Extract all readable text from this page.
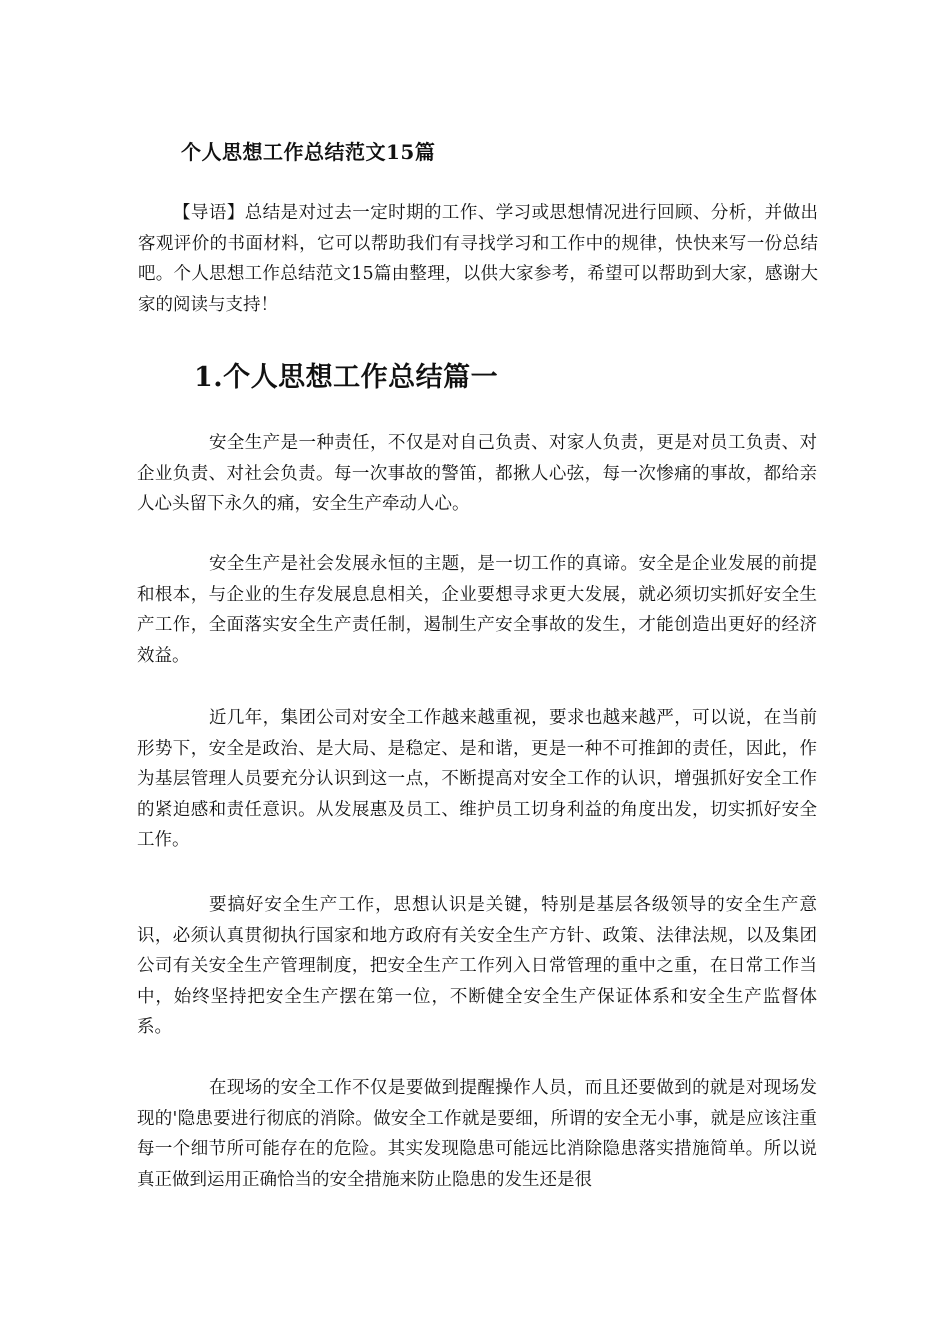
个人思想工作总结范文15篇

【导语】总结是对过去一定时期的工作、学习或思想情况进行回顾、分析，并做出客观评价的书面材料，它可以帮助我们有寻找学习和工作中的规律，快快来写一份总结吧。个人思想工作总结范文15篇由整理，以供大家参考，希望可以帮助到大家，感谢大家的阅读与支持！

1.个人思想工作总结篇一

安全生产是一种责任，不仅是对自己负责、对家人负责，更是对员工负责、对企业负责、对社会负责。每一次事故的警笛，都揪人心弦，每一次惨痛的事故，都给亲人心头留下永久的痛，安全生产牵动人心。

安全生产是社会发展永恒的主题，是一切工作的真谛。安全是企业发展的前提和根本，与企业的生存发展息息相关，企业要想寻求更大发展，就必须切实抓好安全生产工作，全面落实安全生产责任制，遏制生产安全事故的发生，才能创造出更好的经济效益。

近几年，集团公司对安全工作越来越重视，要求也越来越严，可以说，在当前形势下，安全是政治、是大局、是稳定、是和谐，更是一种不可推卸的责任，因此，作为基层管理人员要充分认识到这一点，不断提高对安全工作的认识，增强抓好安全工作的紧迫感和责任意识。从发展惠及员工、维护员工切身利益的角度出发，切实抓好安全工作。

要搞好安全生产工作，思想认识是关键，特别是基层各级领导的安全生产意识，必须认真贯彻执行国家和地方政府有关安全生产方针、政策、法律法规，以及集团公司有关安全生产管理制度，把安全生产工作列入日常管理的重中之重，在日常工作当中，始终坚持把安全生产摆在第一位，不断健全安全生产保证体系和安全生产监督体系。

在现场的安全工作不仅是要做到提醒操作人员，而且还要做到的就是对现场发现的'隐患要进行彻底的消除。做安全工作就是要细，所谓的安全无小事，就是应该注重每一个细节所可能存在的危险。其实发现隐患可能远比消除隐患落实措施简单。所以说真正做到运用正确恰当的安全措施来防止隐患的发生还是很
